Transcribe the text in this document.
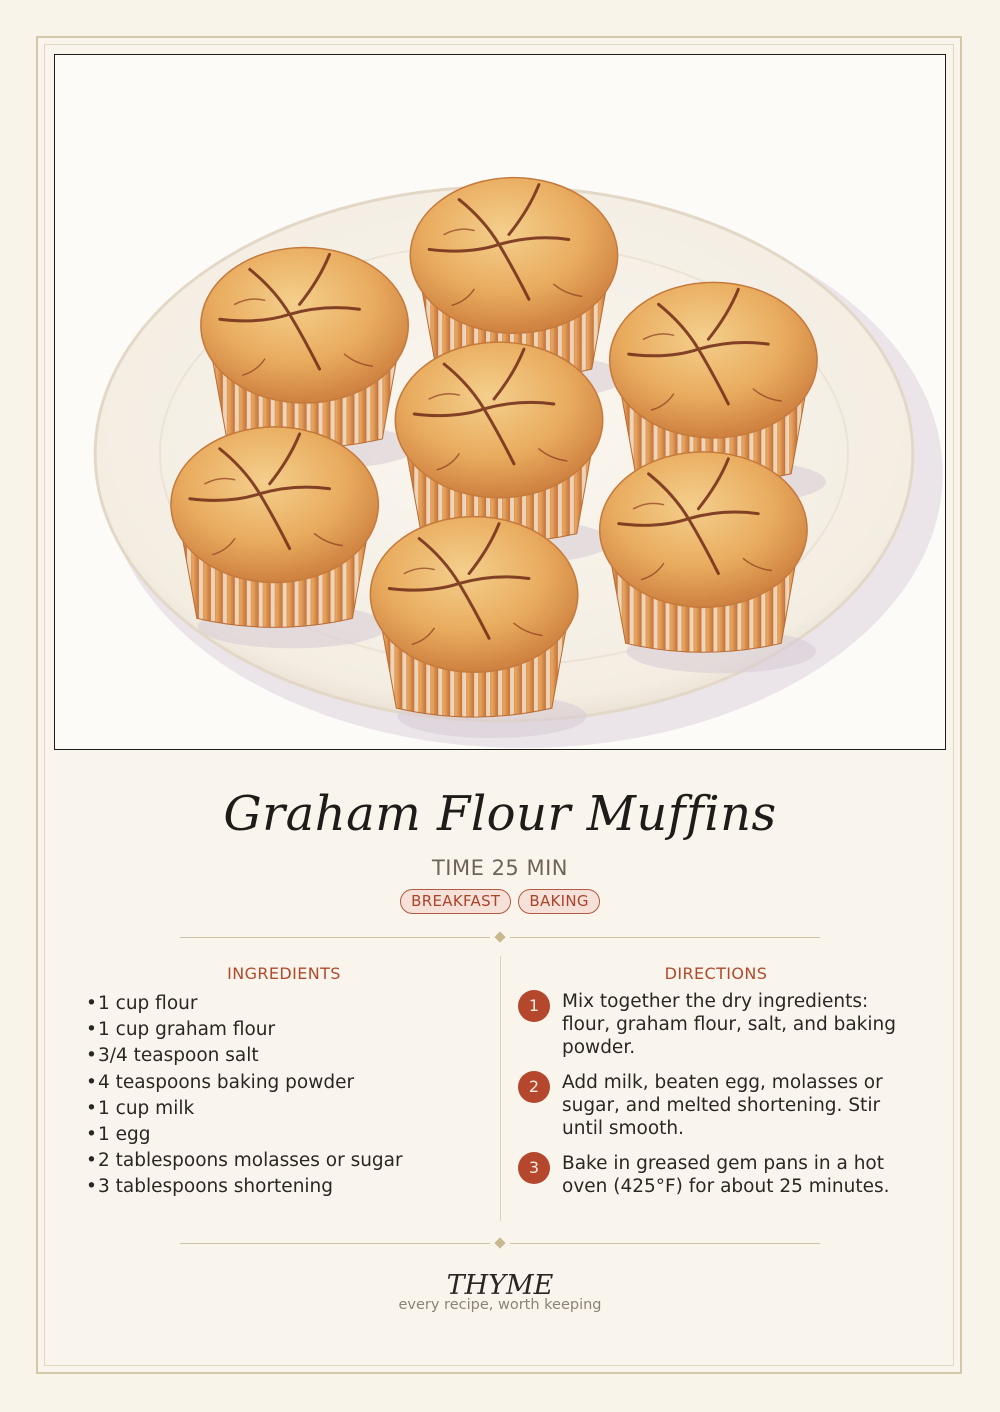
Graham Flour Muffins
TIME 25 MIN
BREAKFAST	BAKING
INGREDIENTS	DIRECTIONS
•1 cup flour
•1 cup graham flour
•3/4 teaspoon salt
•4 teaspoons baking powder
•1 cup milk
•1 egg
•2 tablespoons molasses or sugar
•3 tablespoons shortening
1	Mix together the dry ingredients: flour, graham flour, salt, and baking powder.
2	Add milk, beaten egg, molasses or sugar, and melted shortening. Stir until smooth.
3	Bake in greased gem pans in a hot oven (425°F) for about 25 minutes.
THYME
every recipe, worth keeping
